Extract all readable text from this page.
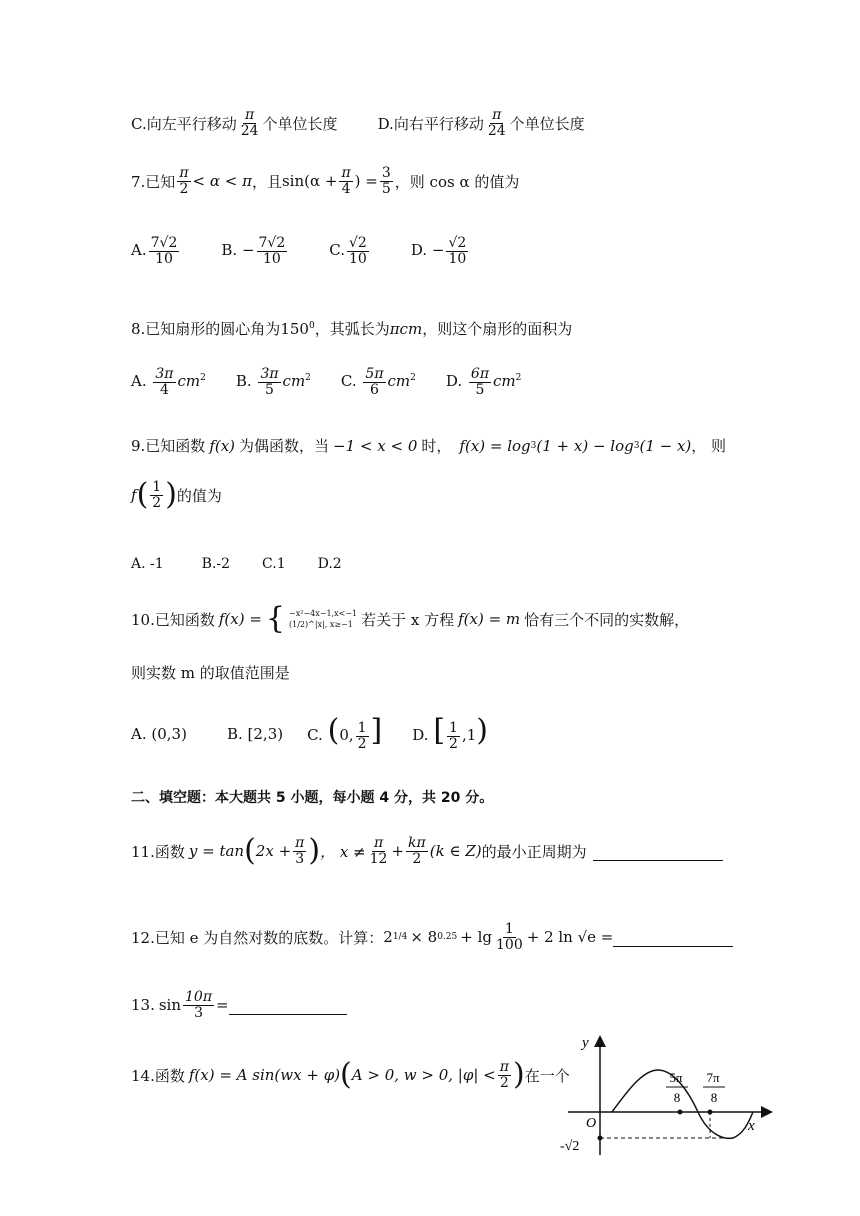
C.向左平行移动 $\frac{\pi}{24}$ 个单位长度	D.向右平行移动 $\frac{\pi}{24}$ 个单位长度
7.已知 $\frac{\pi}{2} < \alpha < \pi$ ，且 $\sin(\alpha + \frac{\pi}{4}$ ) = $\frac{3}{5}$ ，则 cos α 的值为
A. $\frac{7√2}{10}$	B. − $\frac{7√2}{10}$	C. $\frac{√2}{10}$	D. − $\frac{√2}{10}$
8.已知扇形的圆心角为 $150^0$ ，其弧长为 πcm ，则这个扇形的面积为
A. $\frac{3\pi}{4} cm^2$ B. $\frac{3\pi}{5} cm^2$ C. $\frac{5\pi}{6} cm^2$ D. $\frac{6\pi}{5} cm^2$
9.已知函数 f(x) 为偶函数，当 −1 < x < 0 时， f(x) = log 3 (1 + x) − log 3 (1 − x) ， 则
f ( $\frac{1}{2}$ ) 的值为
A. -1	B.-2 C.1 D.2
10.已知函数 f(x) = { −x²−4x−1,x<−1
(1/2)^|x|, x≥−1 若关于 x 方程 f(x) = m 恰有三个不同的实数解，
则实数 m 的取值范围是
A. (0,3)	B. [2,3) C. (0, $\frac{1}{2}$ ] D. [ $\frac{1}{2} ,1$)
二、填空题：本大题共 5 小题，每小题 4 分，共 20 分。
11.函数 y = tan ( $2x + \frac{\pi}{3}$ ) ， $x \ne \frac{\pi}{12} + \frac{k\pi}{2} (k$ ∈ Z) 的最小正周期为
12.已知 e 为自然对数的底数。计算： 2 1/4 × 8 $0.25 + \lg \frac{1}{100} + 2$ ln √e =
13. $\sin \frac{10\pi}{3}$ =
14.函数 f(x) = A sin(wx + φ) ( A > 0, w > 0, $|\varphi| < \frac{\pi}{2}$ ) 在一个
y
x
O
-√2
5π
8
7π
8
